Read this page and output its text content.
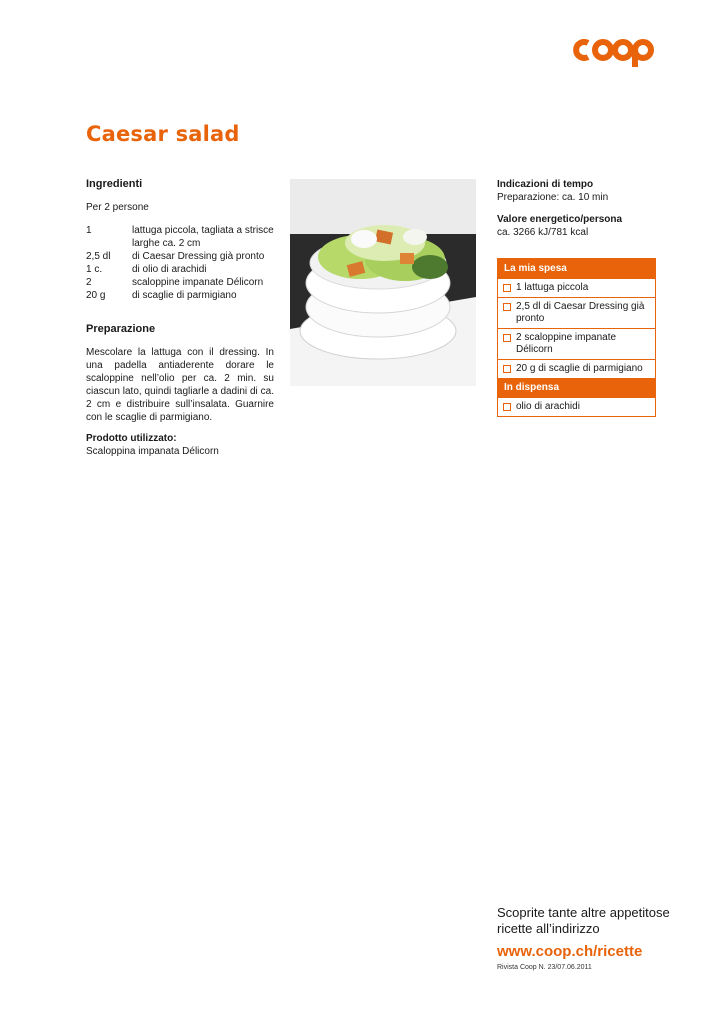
coop
Caesar salad
Ingredienti
Per 2 persone
1	lattuga piccola, tagliata a strisce larghe ca. 2 cm
2,5 dl	di Caesar Dressing già pronto
1 c.	di olio di arachidi
2	scaloppine impanate Délicorn
20 g	di scaglie di parmigiano
Preparazione

Mescolare la lattuga con il dressing. In una padella antiaderente dorare le scaloppine nell’olio per ca. 2 min. su ciascun lato, quindi tagliarle a dadini di ca. 2 cm e distribuire sull’insalata. Guarnire con le scaglie di parmigiano.

Prodotto utilizzato:
Scaloppina impanata Délicorn
Indicazioni di tempo
Preparazione: ca. 10 min
Valore energetico/persona
ca. 3266 kJ/781 kcal
La mia spesa
1 lattuga piccola
2,5 dl di Caesar Dressing già pronto
2 scaloppine impanate Délicorn
20 g di scaglie di parmigiano
In dispensa
olio di arachidi
Scoprite tante altre appetitose ricette all’indirizzo
www.coop.ch/ricette
Rivista Coop N. 23/07.06.2011
